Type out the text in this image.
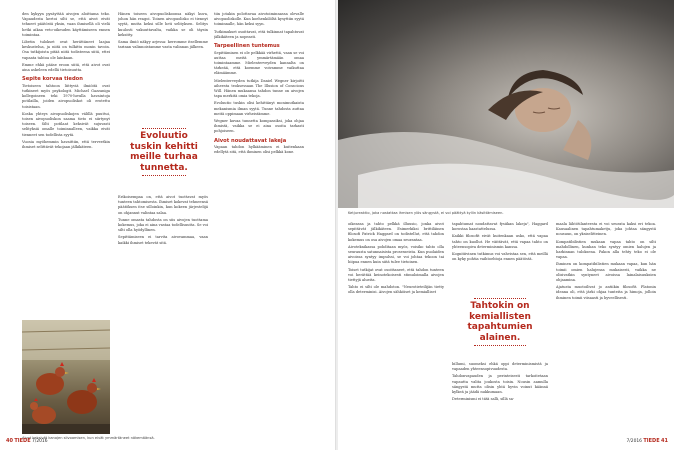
den kykyyn pysäyttää aivojen aloittama teko. Vapaudesta kertoi silti se, että aivot eivät tehneet päätöstä yksin, vaan ihmisellä oli vielä hetki aikaa veto-oikeuden käyttämiseen ennen toimintaa.

Libetin tulokset ovat herättäneet laajaa keskustelua, ja niitä on tulkittu monin tavoin. Osa tutkijoista pitää niitä todisteena siitä, ettei vapaata tahtoa ole lainkaan.

Emme ehkä pääse eroon siitä, että aivot ovat aina askeleen edellä tietoisuutta.

Sepite korvaa tiedon

Tietoiseen tahtoon liittyviä ilmiöitä ovat tutkineet myös psykologit. Michael Gazzaniga kollegoineen teki 1970-luvulla havaintoja potilailla, joiden aivopuoliskot oli erotettu toisistaan.

Koska yhteys aivopuoliskojen välillä puuttui, toisen aivopuoliskon saama tieto ei siirtynyt toiseen. Silti potilaat keksivät sujuvasti selityksiä omalle toiminnalleen, vaikka eivät tienneet sen todellista syytä.

Vuosia myöhemmin havaittiin, että terveetkin ihmiset selittävät tekojaan jälkikäteen.

Hänen toiseen aivopuoliskoonsa näkyi kuva, johon hän reagoi. Toinen aivopuolisko ei tiennyt syytä, mutta keksi sille heti selityksen. Selitys kuulosti vakuuttavalta, vaikka se oli täysin keksitty.

Sama ilmiö näkyy arjessa: kerromme itsellemme tarinan valinnoistamme vasta valinnan jälkeen.

Evoluutio tuskin kehitti meille turhaa tunnetta.

Erikoisempaa on, että aivot tuottavat myös tunteen tahtomisesta. Ihmiset kokevat tehneensä päätöksen itse silloinkin, kun kokeen järjestelijä on ohjannut valintaa salaa.

Tunne omasta tahdosta on siis aivojen tuottama kokemus, joka ei aina vastaa todellisuutta. Se voi silti olla hyödyllinen.

Sepittämiseen ei tarvita aivovammaa, vaan kaikki ihmiset tekevät sitä.

tiin jotakin polottavaa aivotoiminnassa olevalle aivopuoliskolle. Kun koehenkilöltä kysyttiin syytä toiminnalle, hän keksi syyn.

Tutkimukset osoittavat, että tulkinnat tapahtuvat jälkikäteen ja nopeasti.

Tarpeellinen tuntemus

Sepittäminen ei ole pelkkää virhettä, vaan se voi auttaa meitä ymmärtämään omaa toimintaamme. Mielenterveyden kannalta on tärkeää, että koemme voivamme vaikuttaa elämäämme.

Mielenterveyden tutkija Daniel Wegner kirjoitti aiheesta teoksessaan The Illusion of Conscious Will. Hänen mukaansa tahdon tunne on aivojen tapa merkitä omia tekoja.

Evoluutio tuskin olisi kehittänyt monimutkaista mekanismia ilman syytä. Tunne tahdosta auttaa meitä oppimaan virheistämme.

Wegner kuvaa tunnetta kompassiksi, joka ohjaa ihmistä, vaikka se ei aina osoita tarkasti pohjoiseen.

Aivot noudattavat lakeja

Vapaan tahdon hylkääminen ei kuitenkaan edellytä sitä, että ihminen olisi pelkkä kone.

Aivot keksivät kanojen siivoamisen, kun eivät ymmärtäneet näkemäänsä.
40 TIEDE 7/2016
Ketjureaktio, joka nostattaa ihmisen ylös sängystä, ei voi päättyä kyllin käsittämiseen.

oikeassa ja tahto pelkkä illuusio, jonka aivot sepittävät jälkikäteen. Esimerkiksi brittiläinen filosofi Patrick Haggard on todistellut, että tahdon kokemus on osa aivojen omaa seurantaa.

Aivoteknikassa pohditaan myös, voisiko tahto olla seurausta satunnaisista prosesseista. Kun puolaiden aivoissa syntyy impulssi, se voi johtaa tekoon tai hiipua ennen kuin siitä tulee tietoinen.

Toiset tutkijat ovat osoittaneet, että tahdon tunteen voi herättää keinotekoisesti stimuloimalla aivojen tiettyjä alueita.

Tahto ei silti ole mahdoton. "Neurotieteilijän tietty olla determinisi. Aivojen sähköiset ja kemialliset

tapahtumat noudattavat fysiikan lakeja", Haggard korostaa haastattelussa.

Kaikki filosofit eivät kuitenkaan usko, että vapaa tahto on kuollut. He väittävät, että vapaa tahto on yhteensopiva determinismin kanssa.

Kognitiivinen tutkimus voi vahvistaa sen, että meillä on kyky pohtia vaihtoehtoja ennen päätöstä.

Tahtokin on kemiallisten tapahtumien alainen.

billumi, suomeksi ehkä oppi determinismistä ja vapaaden yhteensopivuudesta.

Tahdonvapauden ja perinteisesti tarkoitetaan vapautta valita joukosta toisin. Nousin aamulla sängystä mutta olisin yhtä hyvin voinut käännä kylkeä ja jäädä nukkumaan.

Determinismi ei tätä salli, sillä sa-

maala lähtötilanteesta ei voi seurata kaksi eri tekoa. Kausaalinen tapahtumaketju, joka johtaa sängystä nousuun, on yksiselitteinen.

Kompatibilistien mukaan vapaa tahto on silti mahdollinen, kunhan teko syntyy omien halujen ja harkinnan tuloksena. Pakon alla tehty teko ei ole vapaa.

Ihminen on kompatibilistien mukaan vapaa, kun hän toimii omien halujensa mukaisesti, vaikka ne olisivatkin syntyneet aivoissa lainalaisuuksien ohjaamina.

Ajatusta muotoilivat jo antiikin filosofit. Platonin ideana oli, että järki ohjaa tunteita ja himoja, jolloin ihminen toimii viisaasti ja hyveellisesti.

7/2016 TIEDE 41
